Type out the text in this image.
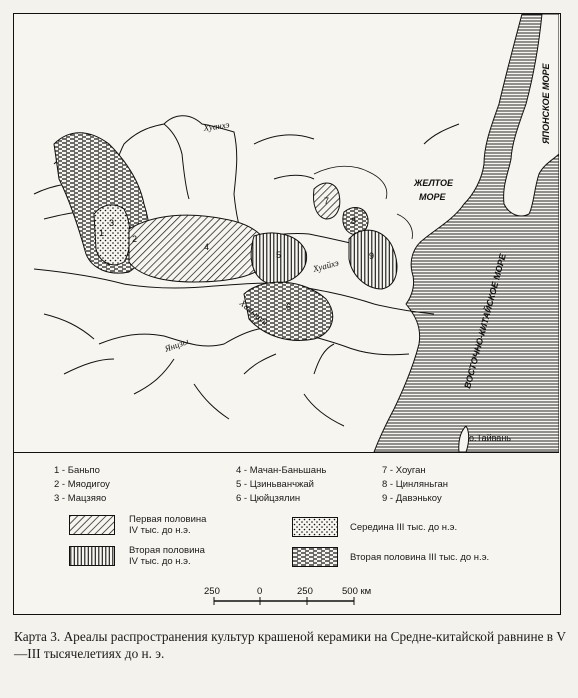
Хуанхэ
Хуайхэ
Ханьшуй
Янцзы
ЖЕЛТОЕ
МОРЕ
ЯПОНСКОЕ МОРЕ
ВОСТОЧНО-КИТАЙСКОЕ МОРЕ
о.Тайвань
1
2
3
4
5
6
7
8
9
1 - Баньпо
2 - Мяодигоу
3 - Мацзяяо
4 - Мачан-Баньшань
5 - Цзиньванчжай
6 - Цюйцзялин
7 - Хоуган
8 - Цинляньган
9 - Давэнькоу
Первая половина
IV тыс. до н.э.
Вторая половина
IV тыс. до н.э.
Середина III тыс. до н.э.
Вторая половина III тыс. до н.э.
250	0	250	500 км
Карта 3. Ареалы распространения культур крашеной керамики на Средне-китайской равнине в V—III тысячелетиях до н. э.
